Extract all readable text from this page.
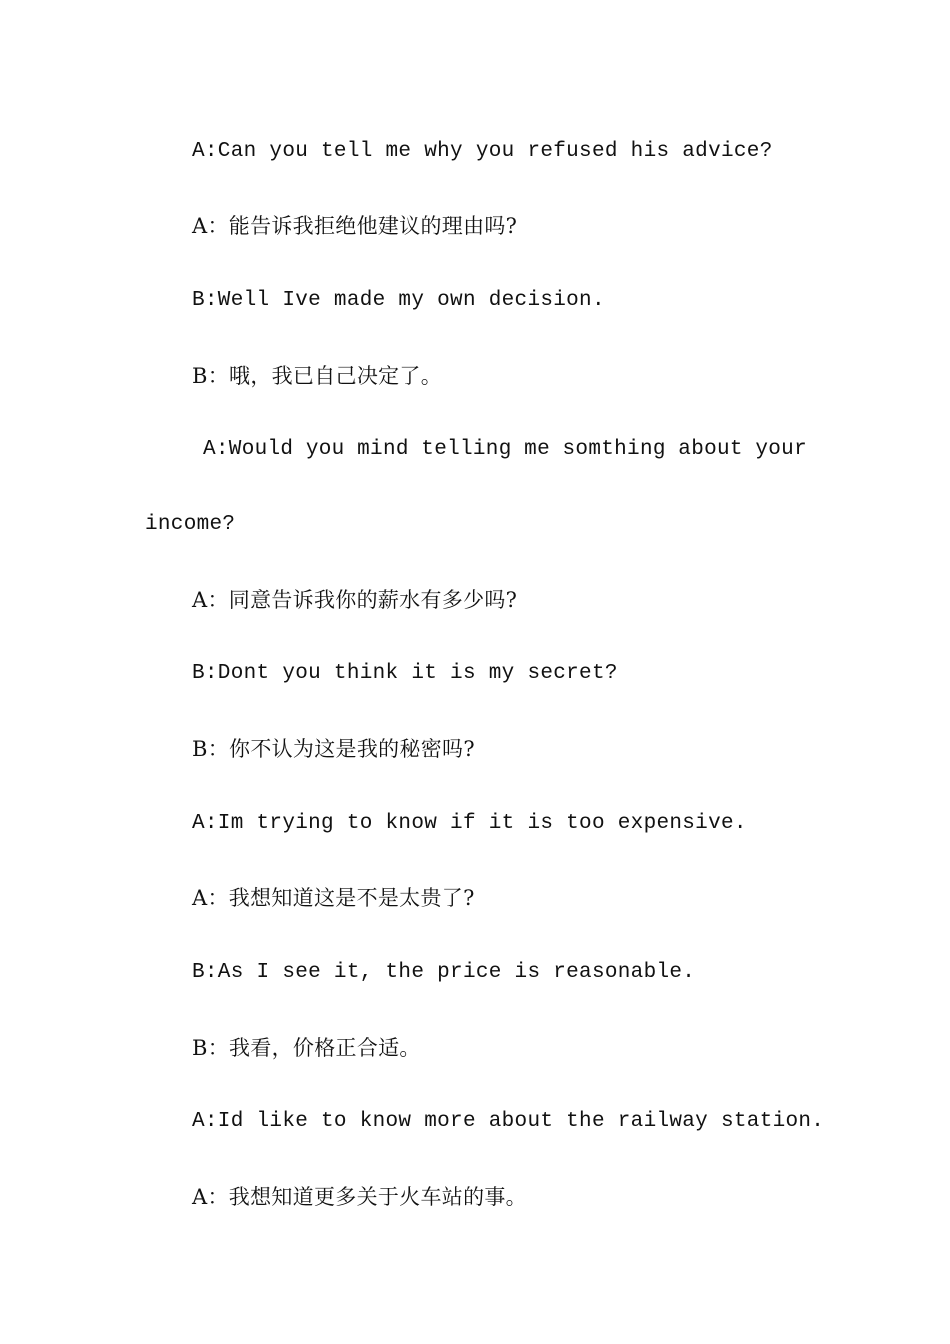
A:Can you tell me why you refused his advice?
A：能告诉我拒绝他建议的理由吗?
B:Well Ive made my own decision.
B：哦，我已自己决定了。
A:Would you mind telling me somthing about your
income?
A：同意告诉我你的薪水有多少吗?
B:Dont you think it is my secret?
B：你不认为这是我的秘密吗?
A:Im trying to know if it is too expensive.
A：我想知道这是不是太贵了?
B:As I see it, the price is reasonable.
B：我看，价格正合适。
A:Id like to know more about the railway station.
A：我想知道更多关于火车站的事。
